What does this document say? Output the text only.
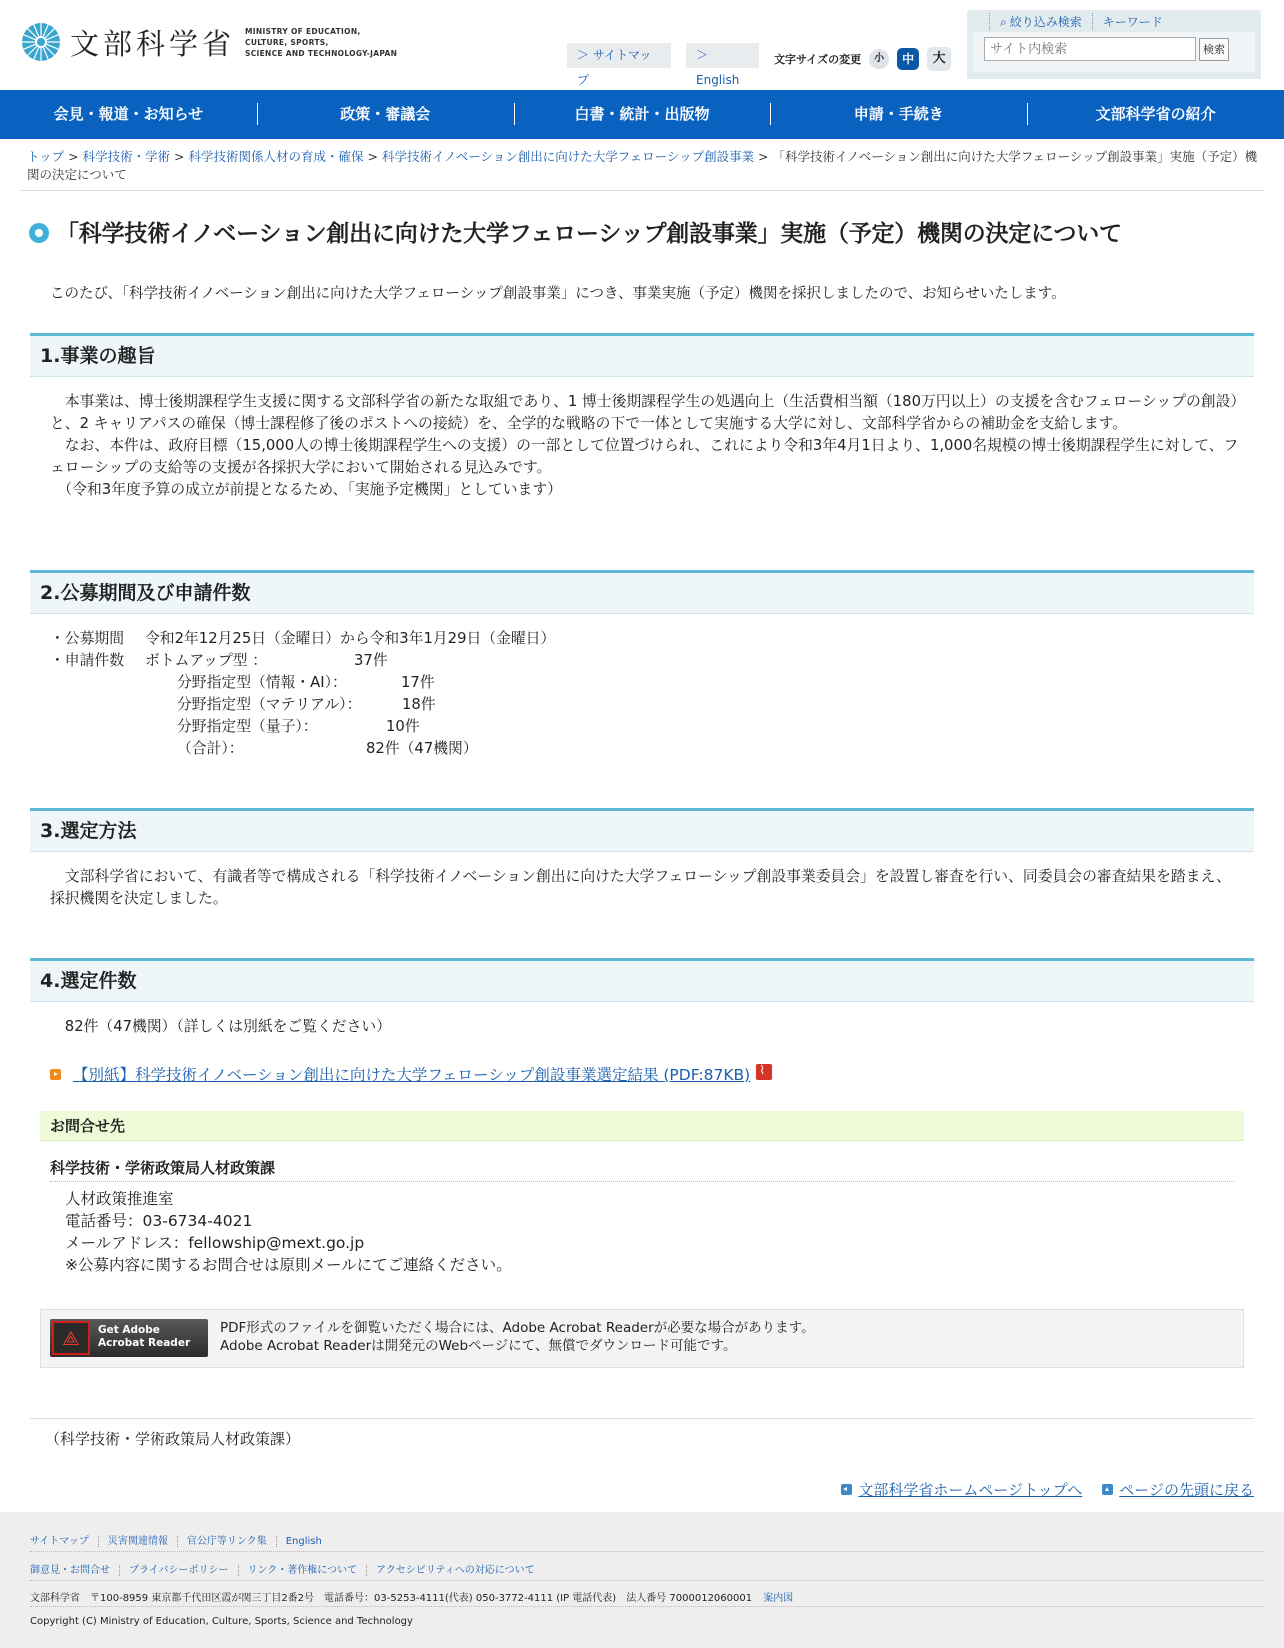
文部科学省 MINISTRY OF EDUCATION,
CULTURE, SPORTS,
SCIENCE AND TECHNOLOGY-JAPAN	＞ サイトマップ
＞ English
文字サイズの変更	小	中	大
⌕ 絞り込み検索	キーワード
サイト内検索
検索
会見・報道・お知らせ	政策・審議会	白書・統計・出版物	申請・手続き	文部科学省の紹介
トップ > 科学技術・学術 > 科学技術関係人材の育成・確保 > 科学技術イノベーション創出に向けた大学フェローシップ創設事業 > 「科学技術イノベーション創出に向けた大学フェローシップ創設事業」実施（予定）機関の決定について
「科学技術イノベーション創出に向けた大学フェローシップ創設事業」実施（予定）機関の決定について

このたび、「科学技術イノベーション創出に向けた大学フェローシップ創設事業」につき、事業実施（予定）機関を採択しましたので、お知らせいたします。

1.事業の趣旨

　本事業は、博士後期課程学生支援に関する文部科学省の新たな取組であり、1 博士後期課程学生の処遇向上（生活費相当額（180万円以上）の支援を含むフェローシップの創設）と、2 キャリアパスの確保（博士課程修了後のポストへの接続）を、全学的な戦略の下で一体として実施する大学に対し、文部科学省からの補助金を支給します。

　なお、本件は、政府目標（15,000人の博士後期課程学生への支援）の一部として位置づけられ、これにより令和3年4月1日より、1,000名規模の博士後期課程学生に対して、フェローシップの支給等の支援が各採択大学において開始される見込みです。

　（令和3年度予算の成立が前提となるため、「実施予定機関」としています）

2.公募期間及び申請件数
・公募期間 令和2年12月25日（金曜日）から令和3年1月29日（金曜日）
・申請件数 ボトムアップ型 ：	37件
分野指定型（情報・AI）：	17件
分野指定型（マテリアル）：	18件
分野指定型（量子）：	10件
（合計）：	82件（47機関）
3.選定方法

　文部科学省において、有識者等で構成される「科学技術イノベーション創出に向けた大学フェローシップ創設事業委員会」を設置し審査を行い、同委員会の審査結果を踏まえ、採択機関を決定しました。

4.選定件数

　82件（47機関）（詳しくは別紙をご覧ください）

【別紙】科学技術イノベーション創出に向けた大学フェローシップ創設事業選定結果 (PDF:87KB)
⌇
お問合せ先
科学技術・学術政策局人材政策課
人材政策推進室
電話番号：03-6734-4021
メールアドレス：fellowship@mext.go.jp
※公募内容に関するお問合せは原則メールにてご連絡ください。
⟁
Get Adobe
Acrobat Reader
PDF形式のファイルを御覧いただく場合には、Adobe Acrobat Readerが必要な場合があります。
Adobe Acrobat Readerは開発元のWebページにて、無償でダウンロード可能です。
（科学技術・学術政策局人材政策課）
文部科学省ホームページトップへ ページの先頭に戻る
サイトマップ 災害関連情報 官公庁等リンク集 English
御意見・お問合せ プライバシーポリシー リンク・著作権について アクセシビリティへの対応について
文部科学省　〒100-8959 東京都千代田区霞が関三丁目2番2号　電話番号：03-5253-4111(代表) 050-3772-4111 (IP 電話代表)　法人番号 7000012060001 案内図
Copyright (C) Ministry of Education, Culture, Sports, Science and Technology
